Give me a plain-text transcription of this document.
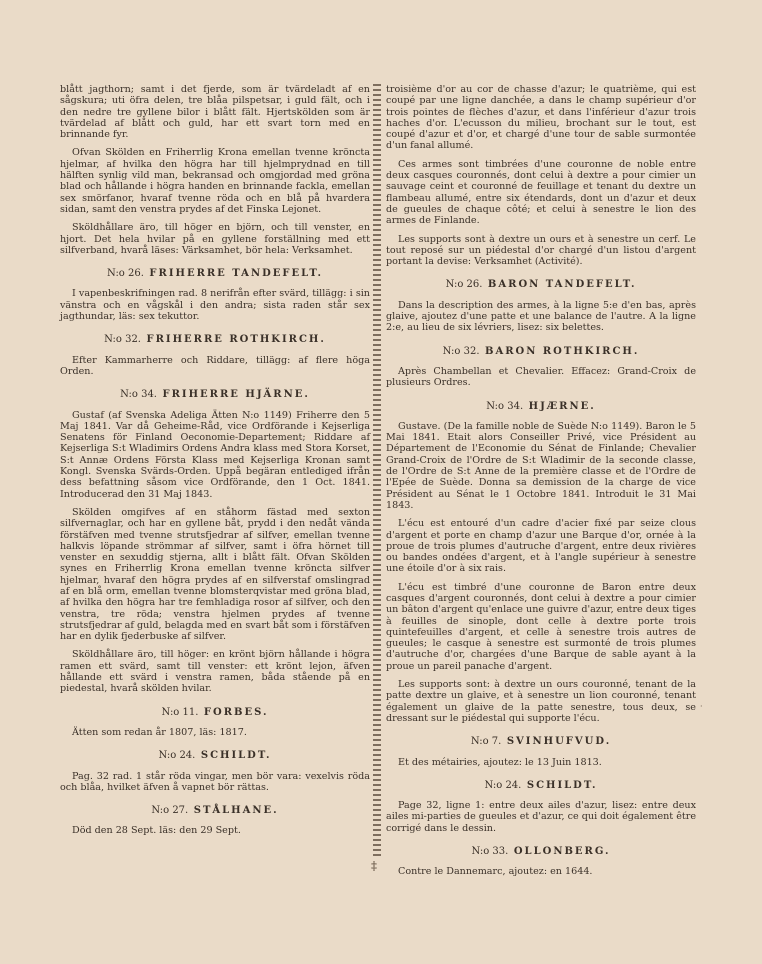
blått jagthorn; samt i det fjerde, som är tvärdeladt af en sågskura; uti öfra delen, tre blåa pilspetsar, i guld fält, och i den nedre tre gyllene bilor i blått fält. Hjertskölden som är tvärdelad af blått och guld, har ett svart torn med en brinnande fyr.

Ofvan Skölden en Friherrlig Krona emellan tvenne kröncta hjelmar, af hvilka den högra har till hjelmprydnad en till hälften synlig vild man, bekransad och omgjordad med gröna blad och hållande i högra handen en brinnande fackla, emellan sex smörfanor, hvaraf tvenne röda och en blå på hvardera sidan, samt den venstra prydes af det Finska Lejonet.

Sköldhållare äro, till höger en björn, och till venster, en hjort. Det hela hvilar på en gyllene forställning med ett silfverband, hvarå läses: Värksamhet, bör hela: Verksamhet.

N:o 26. FRIHERRE TANDEFELT.

I vapenbeskrifningen rad. 8 nerifrån efter svärd, tillägg: i sin vänstra och en vågskål i den andra; sista raden står sex jagthundar, läs: sex tekuttor.

N:o 32. FRIHERRE ROTHKIRCH.

Efter Kammarherre och Riddare, tillägg: af flere höga Orden.

N:o 34. FRIHERRE HJÄRNE.

Gustaf (af Svenska Adeliga Ätten N:o 1149) Friherre den 5 Maj 1841. Var då Geheime-Råd, vice Ordförande i Kejserliga Senatens för Finland Oeconomie-Departement; Riddare af Kejserliga S:t Wladimirs Ordens Andra klass med Stora Korset, S:t Annæ Ordens Första Klass med Kejserliga Kronan samt Kongl. Svenska Svärds-Orden. Uppå begäran entlediged ifrån dess befattning såsom vice Ordförande, den 1 Oct. 1841. Introducerad den 31 Maj 1843.

Skölden omgifves af en ståhorm fästad med sexton silfvernaglar, och har en gyllene båt, prydd i den nedåt vända förstäfven med tvenne strutsfjedrar af silfver, emellan tvenne halkvis löpande strömmar af silfver, samt i öfra hörnet till venster en sexuddig stjerna, allt i blått fält. Ofvan Skölden synes en Friherrlig Krona emellan tvenne kröncta silfver hjelmar, hvaraf den högra prydes af en silfverstaf omslingrad af en blå orm, emellan tvenne blomsterqvistar med gröna blad, af hvilka den högra har tre femhladiga rosor af silfver, och den venstra, tre röda; venstra hjelmen prydes af tvenne strutsfjedrar af guld, belagda med en svart båt som i förstäfven har en dylik fjederbuske af silfver.

Sköldhållare äro, till höger: en krönt björn hållande i högra ramen ett svärd, samt till venster: ett krönt lejon, äfven hållande ett svärd i venstra ramen, båda stående på en piedestal, hvarå skölden hvilar.

N:o 11. FORBES.

Ätten som redan år 1807, läs: 1817.

N:o 24. SCHILDT.

Pag. 32 rad. 1 står röda vingar, men bör vara: vexelvis röda och blåa, hvilket äfven å vapnet bör rättas.

N:o 27. STÅLHANE.

Död den 28 Sept. läs: den 29 Sept.

‡

troisième d'or au cor de chasse d'azur; le quatrième, qui est coupé par une ligne danchée, a dans le champ supérieur d'or trois pointes de flèches d'azur, et dans l'inférieur d'azur trois haches d'or. L'ecusson du milieu, brochant sur le tout, est coupé d'azur et d'or, et chargé d'une tour de sable surmontée d'un fanal allumé.

Ces armes sont timbrées d'une couronne de noble entre deux casques couronnés, dont celui à dextre a pour cimier un sauvage ceint et couronné de feuillage et tenant du dextre un flambeau allumé, entre six étendards, dont un d'azur et deux de gueules de chaque côté; et celui à senestre le lion des armes de Finlande.

Les supports sont à dextre un ours et à senestre un cerf. Le tout reposé sur un piédestal d'or chargé d'un listou d'argent portant la devise: Verksamhet (Activité).

N:o 26. BARON TANDEFELT.

Dans la description des armes, à la ligne 5:e d'en bas, après glaive, ajoutez d'une patte et une balance de l'autre. A la ligne 2:e, au lieu de six lévriers, lisez: six belettes.

N:o 32. BARON ROTHKIRCH.

Après Chambellan et Chevalier. Effacez: Grand-Croix de plusieurs Ordres.

N:o 34. HJÆRNE.

Gustave. (De la famille noble de Suède N:o 1149). Baron le 5 Mai 1841. Etait alors Conseiller Privé, vice Président au Département de l'Economie du Sénat de Finlande; Chevalier Grand-Croix de l'Ordre de S:t Wladimir de la seconde classe, de l'Ordre de S:t Anne de la première classe et de l'Ordre de l'Epée de Suède. Donna sa demission de la charge de vice Président au Sénat le 1 Octobre 1841. Introduit le 31 Mai 1843.

L'écu est entouré d'un cadre d'acier fixé par seize clous d'argent et porte en champ d'azur une Barque d'or, ornée à la proue de trois plumes d'autruche d'argent, entre deux rivières ou bandes ondées d'argent, et à l'angle supérieur à senestre une étoile d'or à six rais.

L'écu est timbré d'une couronne de Baron entre deux casques d'argent couronnés, dont celui à dextre a pour cimier un bâton d'argent qu'enlace une guivre d'azur, entre deux tiges à feuilles de sinople, dont celle à dextre porte trois quintefeuilles d'argent, et celle à senestre trois autres de gueules; le casque à senestre est surmonté de trois plumes d'autruche d'or, chargées d'une Barque de sable ayant à la proue un pareil panache d'argent.

Les supports sont: à dextre un ours couronné, tenant de la patte dextre un glaive, et à senestre un lion couronné, tenant également un glaive de la patte senestre, tous deux, se dressant sur le piédestal qui supporte l'écu.

N:o 7. SVINHUFVUD.

Et des métairies, ajoutez: le 13 Juin 1813.

N:o 24. SCHILDT.

Page 32, ligne 1: entre deux ailes d'azur, lisez: entre deux ailes mi-parties de gueules et d'azur, ce qui doit également être corrigé dans le dessin.

N:o 33. OLLONBERG.

Contre le Dannemarc, ajoutez: en 1644.

·
